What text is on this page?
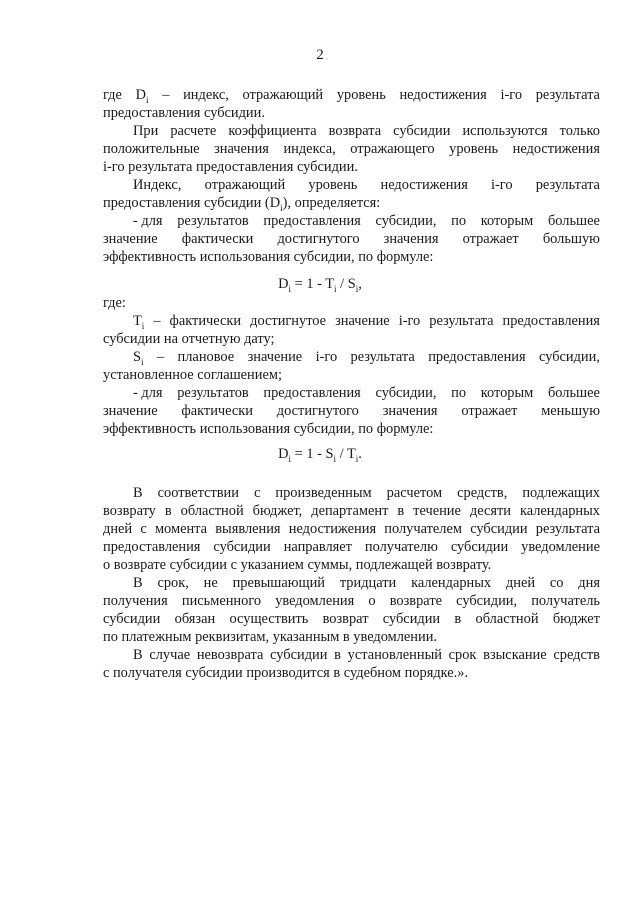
2
где $D_i$ – индекс, отражающий уровень недостижения i-го результата
предоставления субсидии.
При расчете коэффициента возврата субсидии используются только
положительные значения индекса, отражающего уровень недостижения
i-го результата предоставления субсидии.
Индекс, отражающий уровень недостижения i-го результата
предоставления субсидии $(D_i)$, определяется:
- для результатов предоставления субсидии, по которым большее
значение фактически достигнутого значения отражает большую
эффективность использования субсидии, по формуле:
$D_i = 1 - T_i / S_i$,
где:
$T_i$ – фактически достигнутое значение i-го результата предоставления
субсидии на отчетную дату;
$S_i$ – плановое значение i-го результата предоставления субсидии,
установленное соглашением;
- для результатов предоставления субсидии, по которым большее
значение фактически достигнутого значения отражает меньшую
эффективность использования субсидии, по формуле:
$D_i = 1 - S_i / T_i$.
В соответствии с произведенным расчетом средств, подлежащих
возврату в областной бюджет, департамент в течение десяти календарных
дней с момента выявления недостижения получателем субсидии результата
предоставления субсидии направляет получателю субсидии уведомление
о возврате субсидии с указанием суммы, подлежащей возврату.
В срок, не превышающий тридцати календарных дней со дня
получения письменного уведомления о возврате субсидии, получатель
субсидии обязан осуществить возврат субсидии в областной бюджет
по платежным реквизитам, указанным в уведомлении.
В случае невозврата субсидии в установленный срок взыскание средств
с получателя субсидии производится в судебном порядке.».
